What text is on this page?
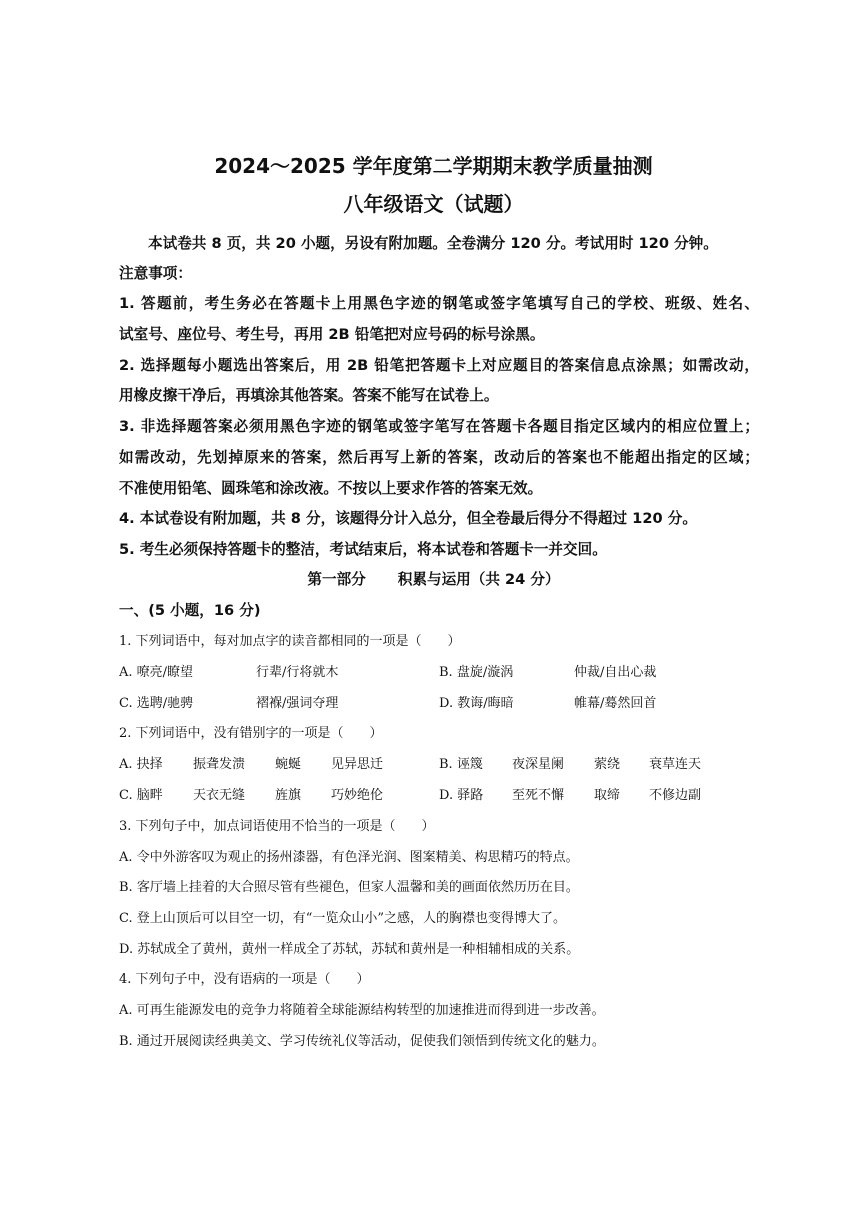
2024～2025 学年度第二学期期末教学质量抽测
八年级语文（试题）
本试卷共 8 页，共 20 小题，另设有附加题。全卷满分 120 分。考试用时 120 分钟。
注意事项：
1. 答题前，考生务必在答题卡上用黑色字迹的钢笔或签字笔填写自己的学校、班级、姓名、
试室号、座位号、考生号，再用 2B 铅笔把对应号码的标号涂黑。
2. 选择题每小题选出答案后，用 2B 铅笔把答题卡上对应题目的答案信息点涂黑；如需改动，
用橡皮擦干净后，再填涂其他答案。答案不能写在试卷上。
3. 非选择题答案必须用黑色字迹的钢笔或签字笔写在答题卡各题目指定区域内的相应位置上；
如需改动，先划掉原来的答案，然后再写上新的答案，改动后的答案也不能超出指定的区域；
不准使用铅笔、圆珠笔和涂改液。不按以上要求作答的答案无效。
4. 本试卷设有附加题，共 8 分，该题得分计入总分，但全卷最后得分不得超过 120 分。
5. 考生必须保持答题卡的整洁，考试结束后，将本试卷和答题卡一并交回。
第一部分 积累与运用（共 24 分）
一、(5 小题，16 分)
1. 下列词语中，每对加点字的读音都相同的一项是（　　）
A. 嘹亮/瞭望	行辈/行将就木	B. 盘旋/漩涡	仲裁/自出心裁
C. 选聘/驰骋	褶褓/强词夺理	D. 教诲/晦暗	帷幕/蓦然回首
2. 下列词语中，没有错别字的一项是（　　）
A. 抉择 振聋发溃 蜿蜒 见异思迁	B. 诬篾 夜深星阑 萦绕 衰草连天
C. 脑畔 天衣无缝 旌旗 巧妙绝伦	D. 驿路 至死不懈 取缔 不修边副
3. 下列句子中，加点词语使用不恰当的一项是（　　）
A. 令中外游客叹为观止的扬州漆器，有色泽光润、图案精美、构思精巧的特点。
B. 客厅墙上挂着的大合照尽管有些褪色，但家人温馨和美的画面依然历历在目。
C. 登上山顶后可以目空一切，有“一览众山小”之感，人的胸襟也变得博大了。
D. 苏轼成全了黄州，黄州一样成全了苏轼，苏轼和黄州是一种相辅相成的关系。
4. 下列句子中，没有语病的一项是（　　）
A. 可再生能源发电的竞争力将随着全球能源结构转型的加速推进而得到进一步改善。
B. 通过开展阅读经典美文、学习传统礼仪等活动，促使我们领悟到传统文化的魅力。
